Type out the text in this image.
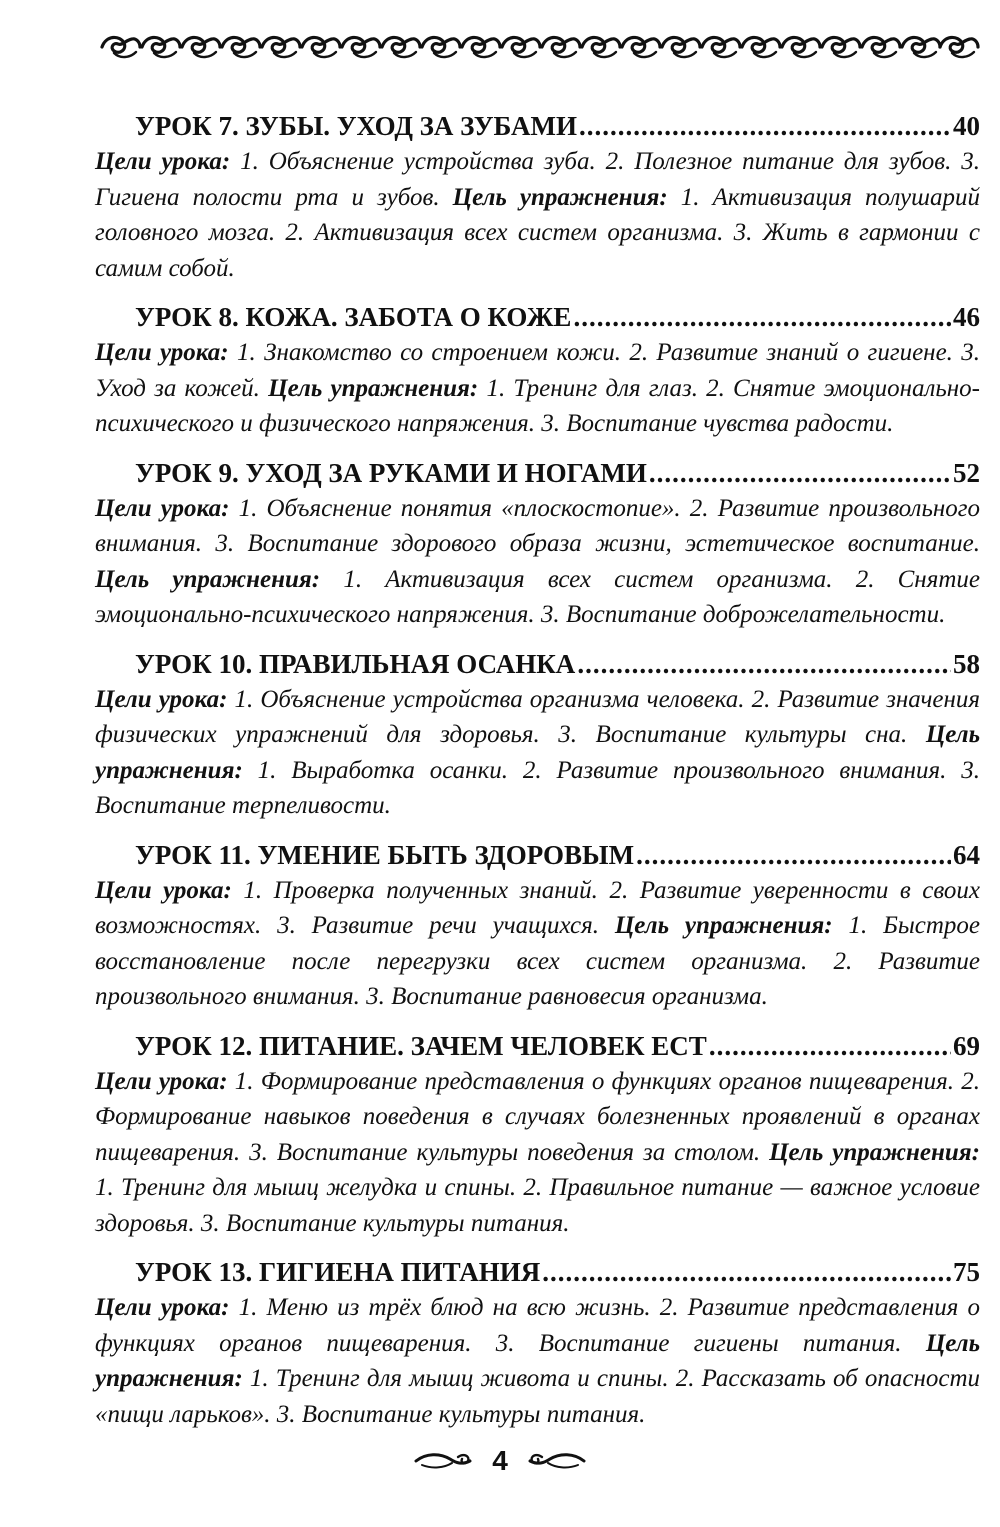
УРОК 7. ЗУБЫ. УХОД ЗА ЗУБАМИ .....	40
Цели урока: 1. Объяснение устройства зуба. 2. Полезное питание для зубов. 3. Гигиена полости рта и зубов. Цель упражнения: 1. Активизация полушарий головного мозга. 2. Активизация всех систем организма. 3. Жить в гармонии с самим собой.
УРОК 8. КОЖА. ЗАБОТА О КОЖЕ .....	46
Цели урока: 1. Знакомство со строением кожи. 2. Развитие знаний о гигиене. 3. Уход за кожей. Цель упражнения: 1. Тренинг для глаз. 2. Снятие эмоционально-психического и физического напряжения. 3. Воспитание чувства радости.
УРОК 9. УХОД ЗА РУКАМИ И НОГАМИ .....	52
Цели урока: 1. Объяснение понятия «плоскостопие». 2. Развитие произвольного внимания. 3. Воспитание здорового образа жизни, эстетическое воспитание. Цель упражнения: 1. Активизация всех систем организма. 2. Снятие эмоционально-психического напряжения. 3. Воспитание доброжелательности.
УРОК 10. ПРАВИЛЬНАЯ ОСАНКА .....	58
Цели урока: 1. Объяснение устройства организма человека. 2. Развитие значения физических упражнений для здоровья. 3. Воспитание культуры сна. Цель упражнения: 1. Выработка осанки. 2. Развитие произвольного внимания. 3. Воспитание терпеливости.
УРОК 11. УМЕНИЕ БЫТЬ ЗДОРОВЫМ .....	64
Цели урока: 1. Проверка полученных знаний. 2. Развитие уверенности в своих возможностях. 3. Развитие речи учащихся. Цель упражнения: 1. Быстрое восстановление после перегрузки всех систем организма. 2. Развитие произвольного внимания. 3. Воспитание равновесия организма.
УРОК 12. ПИТАНИЕ. ЗАЧЕМ ЧЕЛОВЕК ЕСТ .....	69
Цели урока: 1. Формирование представления о функциях органов пищеварения. 2. Формирование навыков поведения в случаях болезненных проявлений в органах пищеварения. 3. Воспитание культуры поведения за столом. Цель упражнения: 1. Тренинг для мышц желудка и спины. 2. Правильное питание — важное условие здоровья. 3. Воспитание культуры питания.
УРОК 13. ГИГИЕНА ПИТАНИЯ .....	75
Цели урока: 1. Меню из трёх блюд на всю жизнь. 2. Развитие представления о функциях органов пищеварения. 3. Воспитание гигиены питания. Цель упражнения: 1. Тренинг для мышц живота и спины. 2. Рассказать об опасности «пищи ларьков». 3. Воспитание культуры питания.
4
